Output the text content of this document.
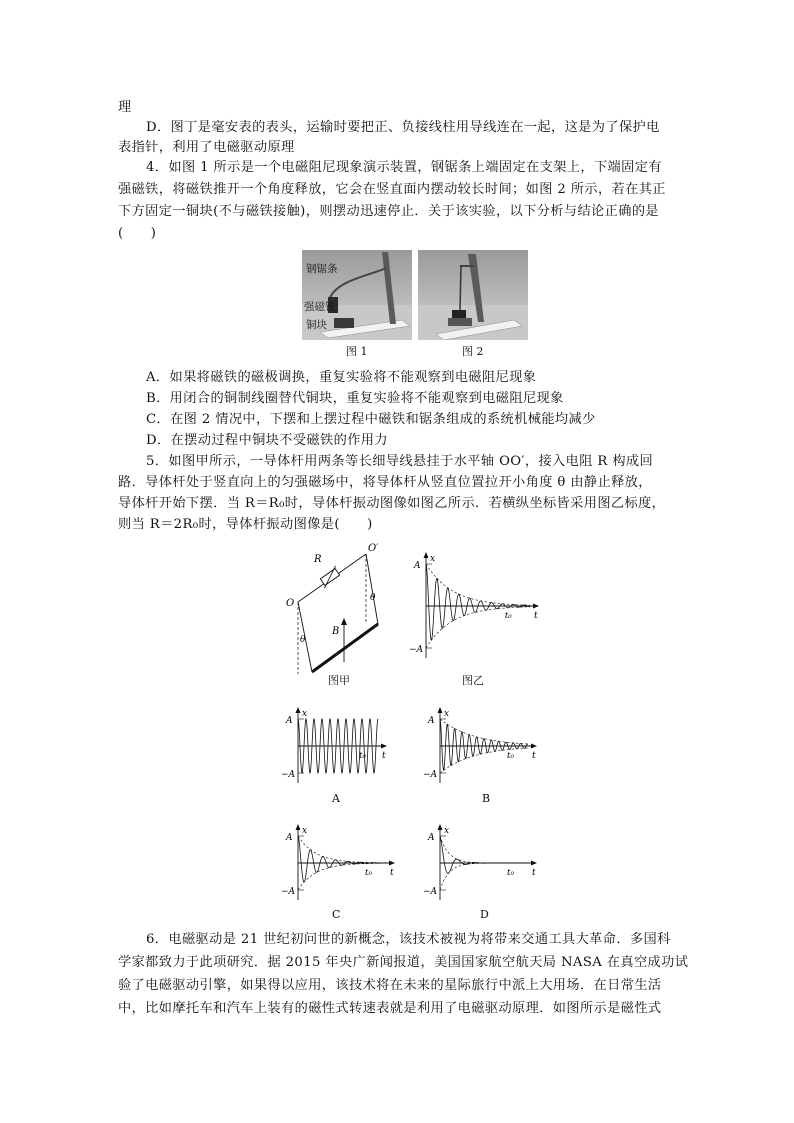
理
D．图丁是毫安表的表头，运输时要把正、负接线柱用导线连在一起，这是为了保护电
表指针，利用了电磁驱动原理
4．如图 1 所示是一个电磁阻尼现象演示装置，钢锯条上端固定在支架上，下端固定有
强磁铁，将磁铁推开一个角度释放，它会在竖直面内摆动较长时间；如图 2 所示，若在其正
下方固定一铜块(不与磁铁接触)，则摆动迅速停止．关于该实验，以下分析与结论正确的是
(　　)
钢锯条
强磁铁
铜块
图 1	图 2
A．如果将磁铁的磁极调换，重复实验将不能观察到电磁阻尼现象
B．用闭合的铜制线圈替代铜块，重复实验将不能观察到电磁阻尼现象
C．在图 2 情况中，下摆和上摆过程中磁铁和锯条组成的系统机械能均减少
D．在摆动过程中铜块不受磁铁的作用力
5．如图甲所示，一导体杆用两条等长细导线悬挂于水平轴 OO′，接入电阻 R 构成回
路．导体杆处于竖直向上的匀强磁场中，将导体杆从竖直位置拉开小角度 θ 由静止释放，
导体杆开始下摆．当 R＝R₀时，导体杆振动图像如图乙所示．若横纵坐标皆采用图乙标度，
则当 R＝2R₀时，导体杆振动图像是(　　)
R
O′
O
θ
θ
B
图甲
x
A
−A
t
t₀
图乙
x
A
−A
t
t₀
A
x
A
−A
t
t₀
B
x
A
−A
t
t₀
C
x
A
−A
t
t₀
D
6．电磁驱动是 21 世纪初问世的新概念，该技术被视为将带来交通工具大革命．多国科
学家都致力于此项研究．据 2015 年央广新闻报道，美国国家航空航天局 NASA 在真空成功试
验了电磁驱动引擎，如果得以应用，该技术将在未来的星际旅行中派上大用场．在日常生活
中，比如摩托车和汽车上装有的磁性式转速表就是利用了电磁驱动原理．如图所示是磁性式
